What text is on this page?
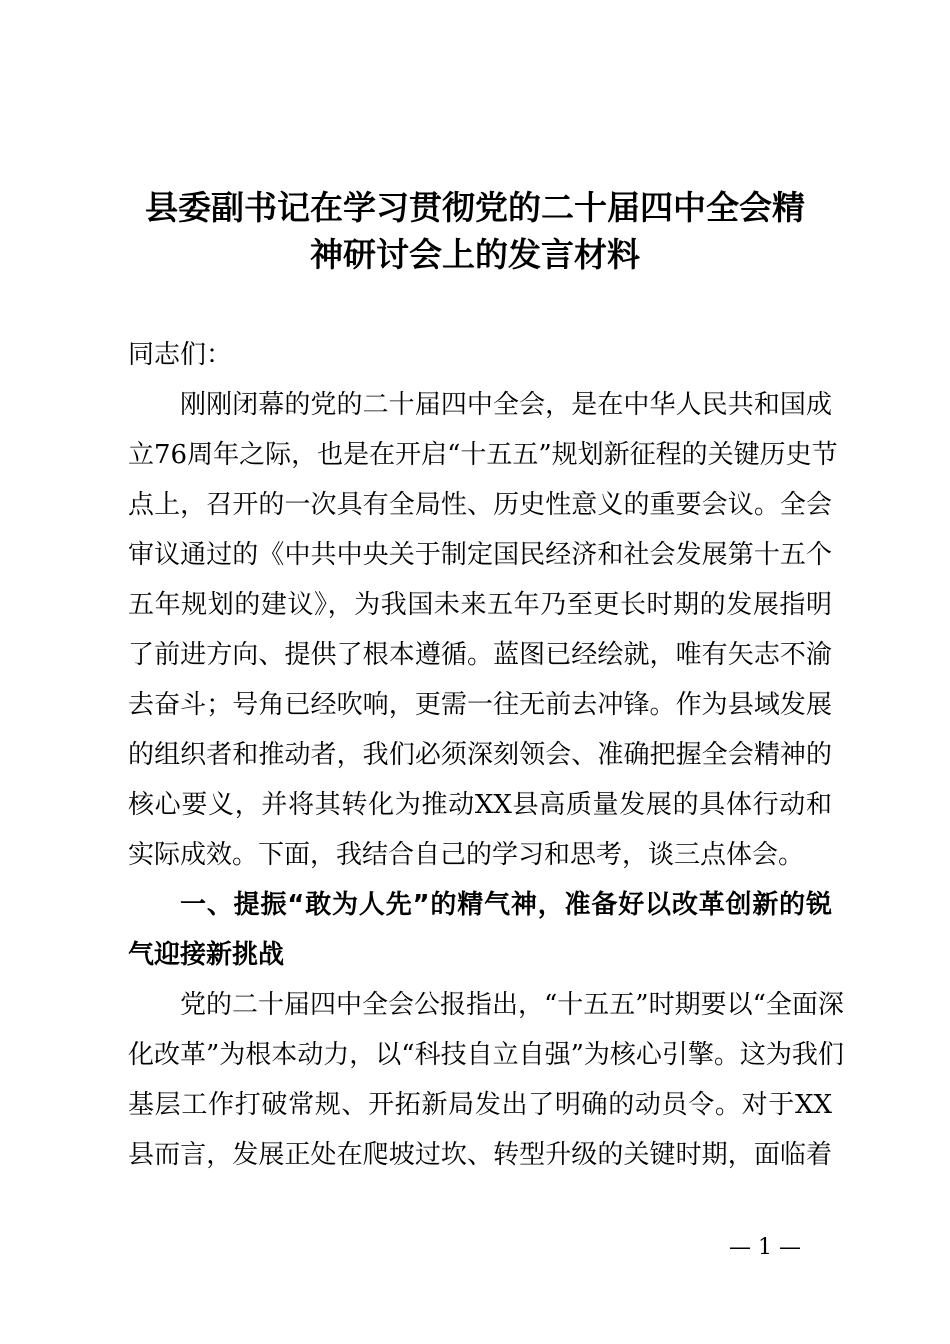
县委副书记在学习贯彻党的二十届四中全会精
神研讨会上的发言材料
同志们：
刚刚闭幕的党的二十届四中全会，是在中华人民共和国成
立76周年之际，也是在开启“十五五”规划新征程的关键历史节
点上，召开的一次具有全局性、历史性意义的重要会议。全会
审议通过的《中共中央关于制定国民经济和社会发展第十五个
五年规划的建议》，为我国未来五年乃至更长时期的发展指明
了前进方向、提供了根本遵循。蓝图已经绘就，唯有矢志不渝
去奋斗；号角已经吹响，更需一往无前去冲锋。作为县域发展
的组织者和推动者，我们必须深刻领会、准确把握全会精神的
核心要义，并将其转化为推动XX县高质量发展的具体行动和
实际成效。下面，我结合自己的学习和思考，谈三点体会。
一、提振“敢为人先”的精气神，准备好以改革创新的锐
气迎接新挑战
党的二十届四中全会公报指出，“十五五”时期要以“全面深
化改革”为根本动力，以“科技自立自强”为核心引擎。这为我们
基层工作打破常规、开拓新局发出了明确的动员令。对于XX
县而言，发展正处在爬坡过坎、转型升级的关键时期，面临着
— 1 —
